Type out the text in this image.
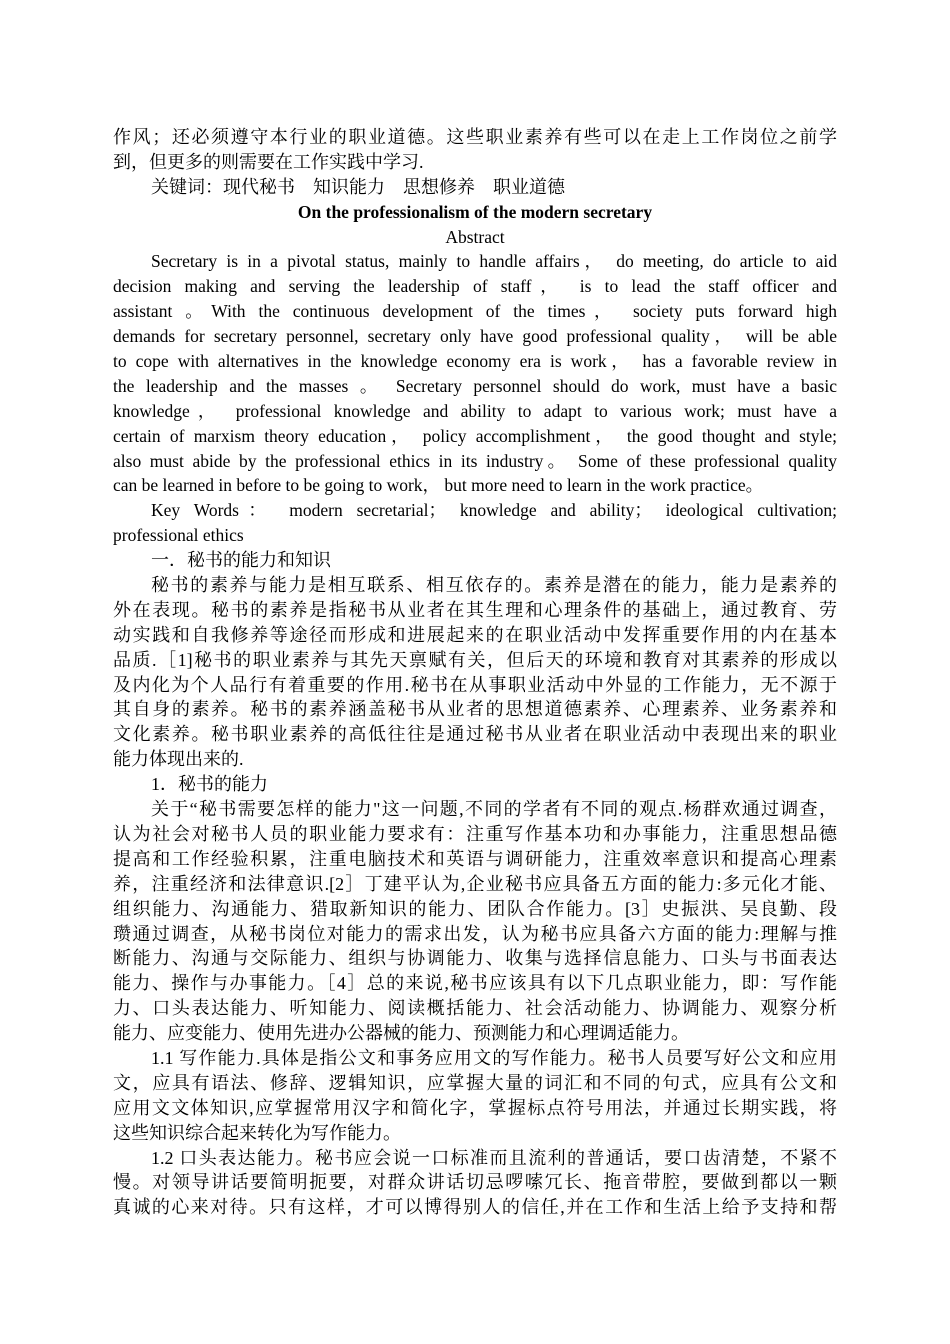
作风；还必须遵守本行业的职业道德。这些职业素养有些可以在走上工作岗位之前学
到，但更多的则需要在工作实践中学习.
关键词：现代秘书　知识能力　思想修养　职业道德
On the professionalism of the modern secretary
Abstract
Secretary is in a pivotal status, mainly to handle affairs， do meeting, do article to aid
decision making and serving the leadership of staff， is to lead the staff officer and
assistant 。With the continuous development of the times， society puts forward high
demands for secretary personnel, secretary only have good professional quality， will be able
to cope with alternatives in the knowledge economy era is work， has a favorable review in
the leadership and the masses 。 Secretary personnel should do work, must have a basic
knowledge， professional knowledge and ability to adapt to various work; must have a
certain of marxism theory education， policy accomplishment， the good thought and style;
also must abide by the professional ethics in its industry。 Some of these professional quality
can be learned in before to be going to work， but more need to learn in the work practice。
Key Words： modern secretarial； knowledge and ability； ideological cultivation;
professional ethics
一．秘书的能力和知识
秘书的素养与能力是相互联系、相互依存的。素养是潜在的能力，能力是素养的
外在表现。秘书的素养是指秘书从业者在其生理和心理条件的基础上，通过教育、劳
动实践和自我修养等途径而形成和进展起来的在职业活动中发挥重要作用的内在基本
品质.［1]秘书的职业素养与其先天禀赋有关，但后天的环境和教育对其素养的形成以
及内化为个人品行有着重要的作用.秘书在从事职业活动中外显的工作能力，无不源于
其自身的素养。秘书的素养涵盖秘书从业者的思想道德素养、心理素养、业务素养和
文化素养。秘书职业素养的高低往往是通过秘书从业者在职业活动中表现出来的职业
能力体现出来的.
1．秘书的能力
关于“秘书需要怎样的能力"这一问题,不同的学者有不同的观点.杨群欢通过调查，
认为社会对秘书人员的职业能力要求有：注重写作基本功和办事能力，注重思想品德
提高和工作经验积累，注重电脑技术和英语与调研能力，注重效率意识和提高心理素
养，注重经济和法律意识.[2］丁建平认为,企业秘书应具备五方面的能力:多元化才能、
组织能力、沟通能力、猎取新知识的能力、团队合作能力。[3］史振洪、吴良勤、段
瓒通过调查，从秘书岗位对能力的需求出发，认为秘书应具备六方面的能力:理解与推
断能力、沟通与交际能力、组织与协调能力、收集与选择信息能力、口头与书面表达
能力、操作与办事能力。［4］总的来说,秘书应该具有以下几点职业能力，即：写作能
力、口头表达能力、听知能力、阅读概括能力、社会活动能力、协调能力、观察分析
能力、应变能力、使用先进办公器械的能力、预测能力和心理调适能力。
1.1 写作能力.具体是指公文和事务应用文的写作能力。秘书人员要写好公文和应用
文，应具有语法、修辞、逻辑知识，应掌握大量的词汇和不同的句式，应具有公文和
应用文文体知识,应掌握常用汉字和简化字，掌握标点符号用法，并通过长期实践，将
这些知识综合起来转化为写作能力。
1.2 口头表达能力。秘书应会说一口标准而且流利的普通话，要口齿清楚，不紧不
慢。对领导讲话要简明扼要，对群众讲话切忌啰嗦冗长、拖音带腔，要做到都以一颗
真诚的心来对待。只有这样，才可以博得别人的信任,并在工作和生活上给予支持和帮
